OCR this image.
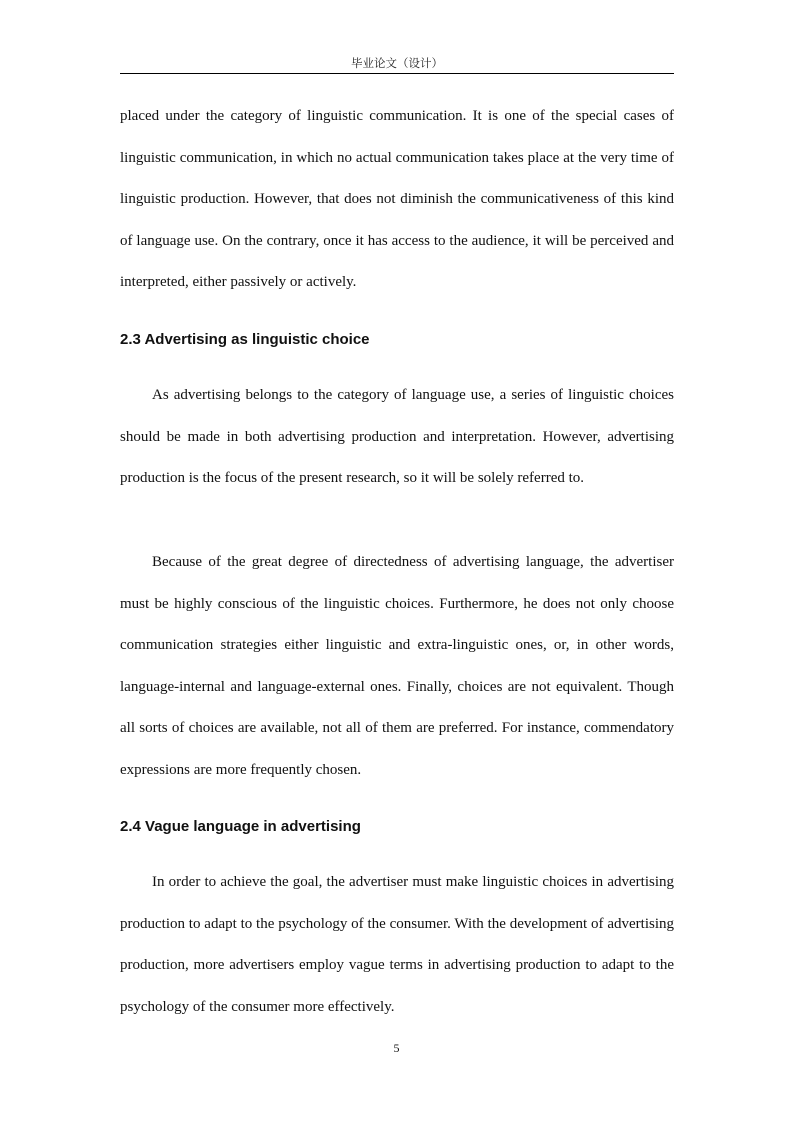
毕业论文（设计）

placed under the category of linguistic communication. It is one of the special cases of linguistic communication, in which no actual communication takes place at the very time of linguistic production. However, that does not diminish the communicativeness of this kind of language use. On the contrary, once it has access to the audience, it will be perceived and interpreted, either passively or actively.

2.3 Advertising as linguistic choice

As advertising belongs to the category of language use, a series of linguistic choices should be made in both advertising production and interpretation. However, advertising production is the focus of the present research, so it will be solely referred to.

Because of the great degree of directedness of advertising language, the advertiser must be highly conscious of the linguistic choices. Furthermore, he does not only choose communication strategies either linguistic and extra-linguistic ones, or, in other words, language-internal and language-external ones. Finally, choices are not equivalent. Though all sorts of choices are available, not all of them are preferred. For instance, commendatory expressions are more frequently chosen.

2.4 Vague language in advertising

In order to achieve the goal, the advertiser must make linguistic choices in advertising production to adapt to the psychology of the consumer. With the development of advertising production, more advertisers employ vague terms in advertising production to adapt to the psychology of the consumer more effectively.

5
